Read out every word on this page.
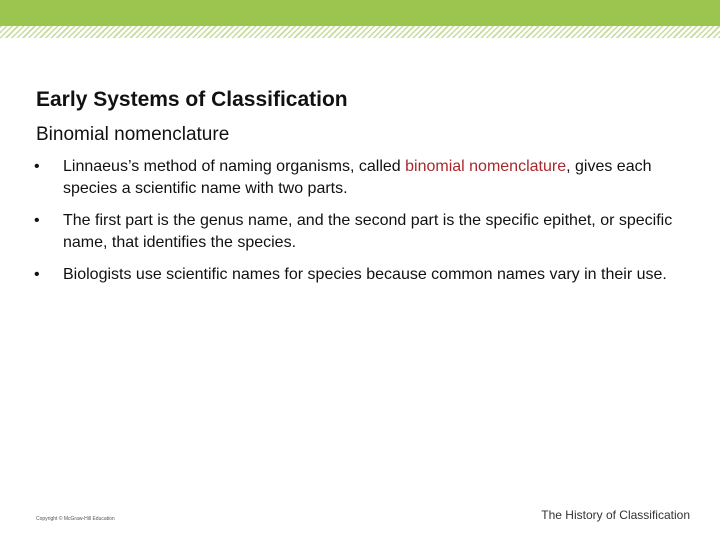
Early Systems of Classification
Binomial nomenclature
• Linnaeus’s method of naming organisms, called binomial nomenclature, gives each species a scientific name with two parts.
• The first part is the genus name, and the second part is the specific epithet, or specific name, that identifies the species.
• Biologists use scientific names for species because common names vary in their use.
Copyright © McGraw-Hill Education	The History of Classification
